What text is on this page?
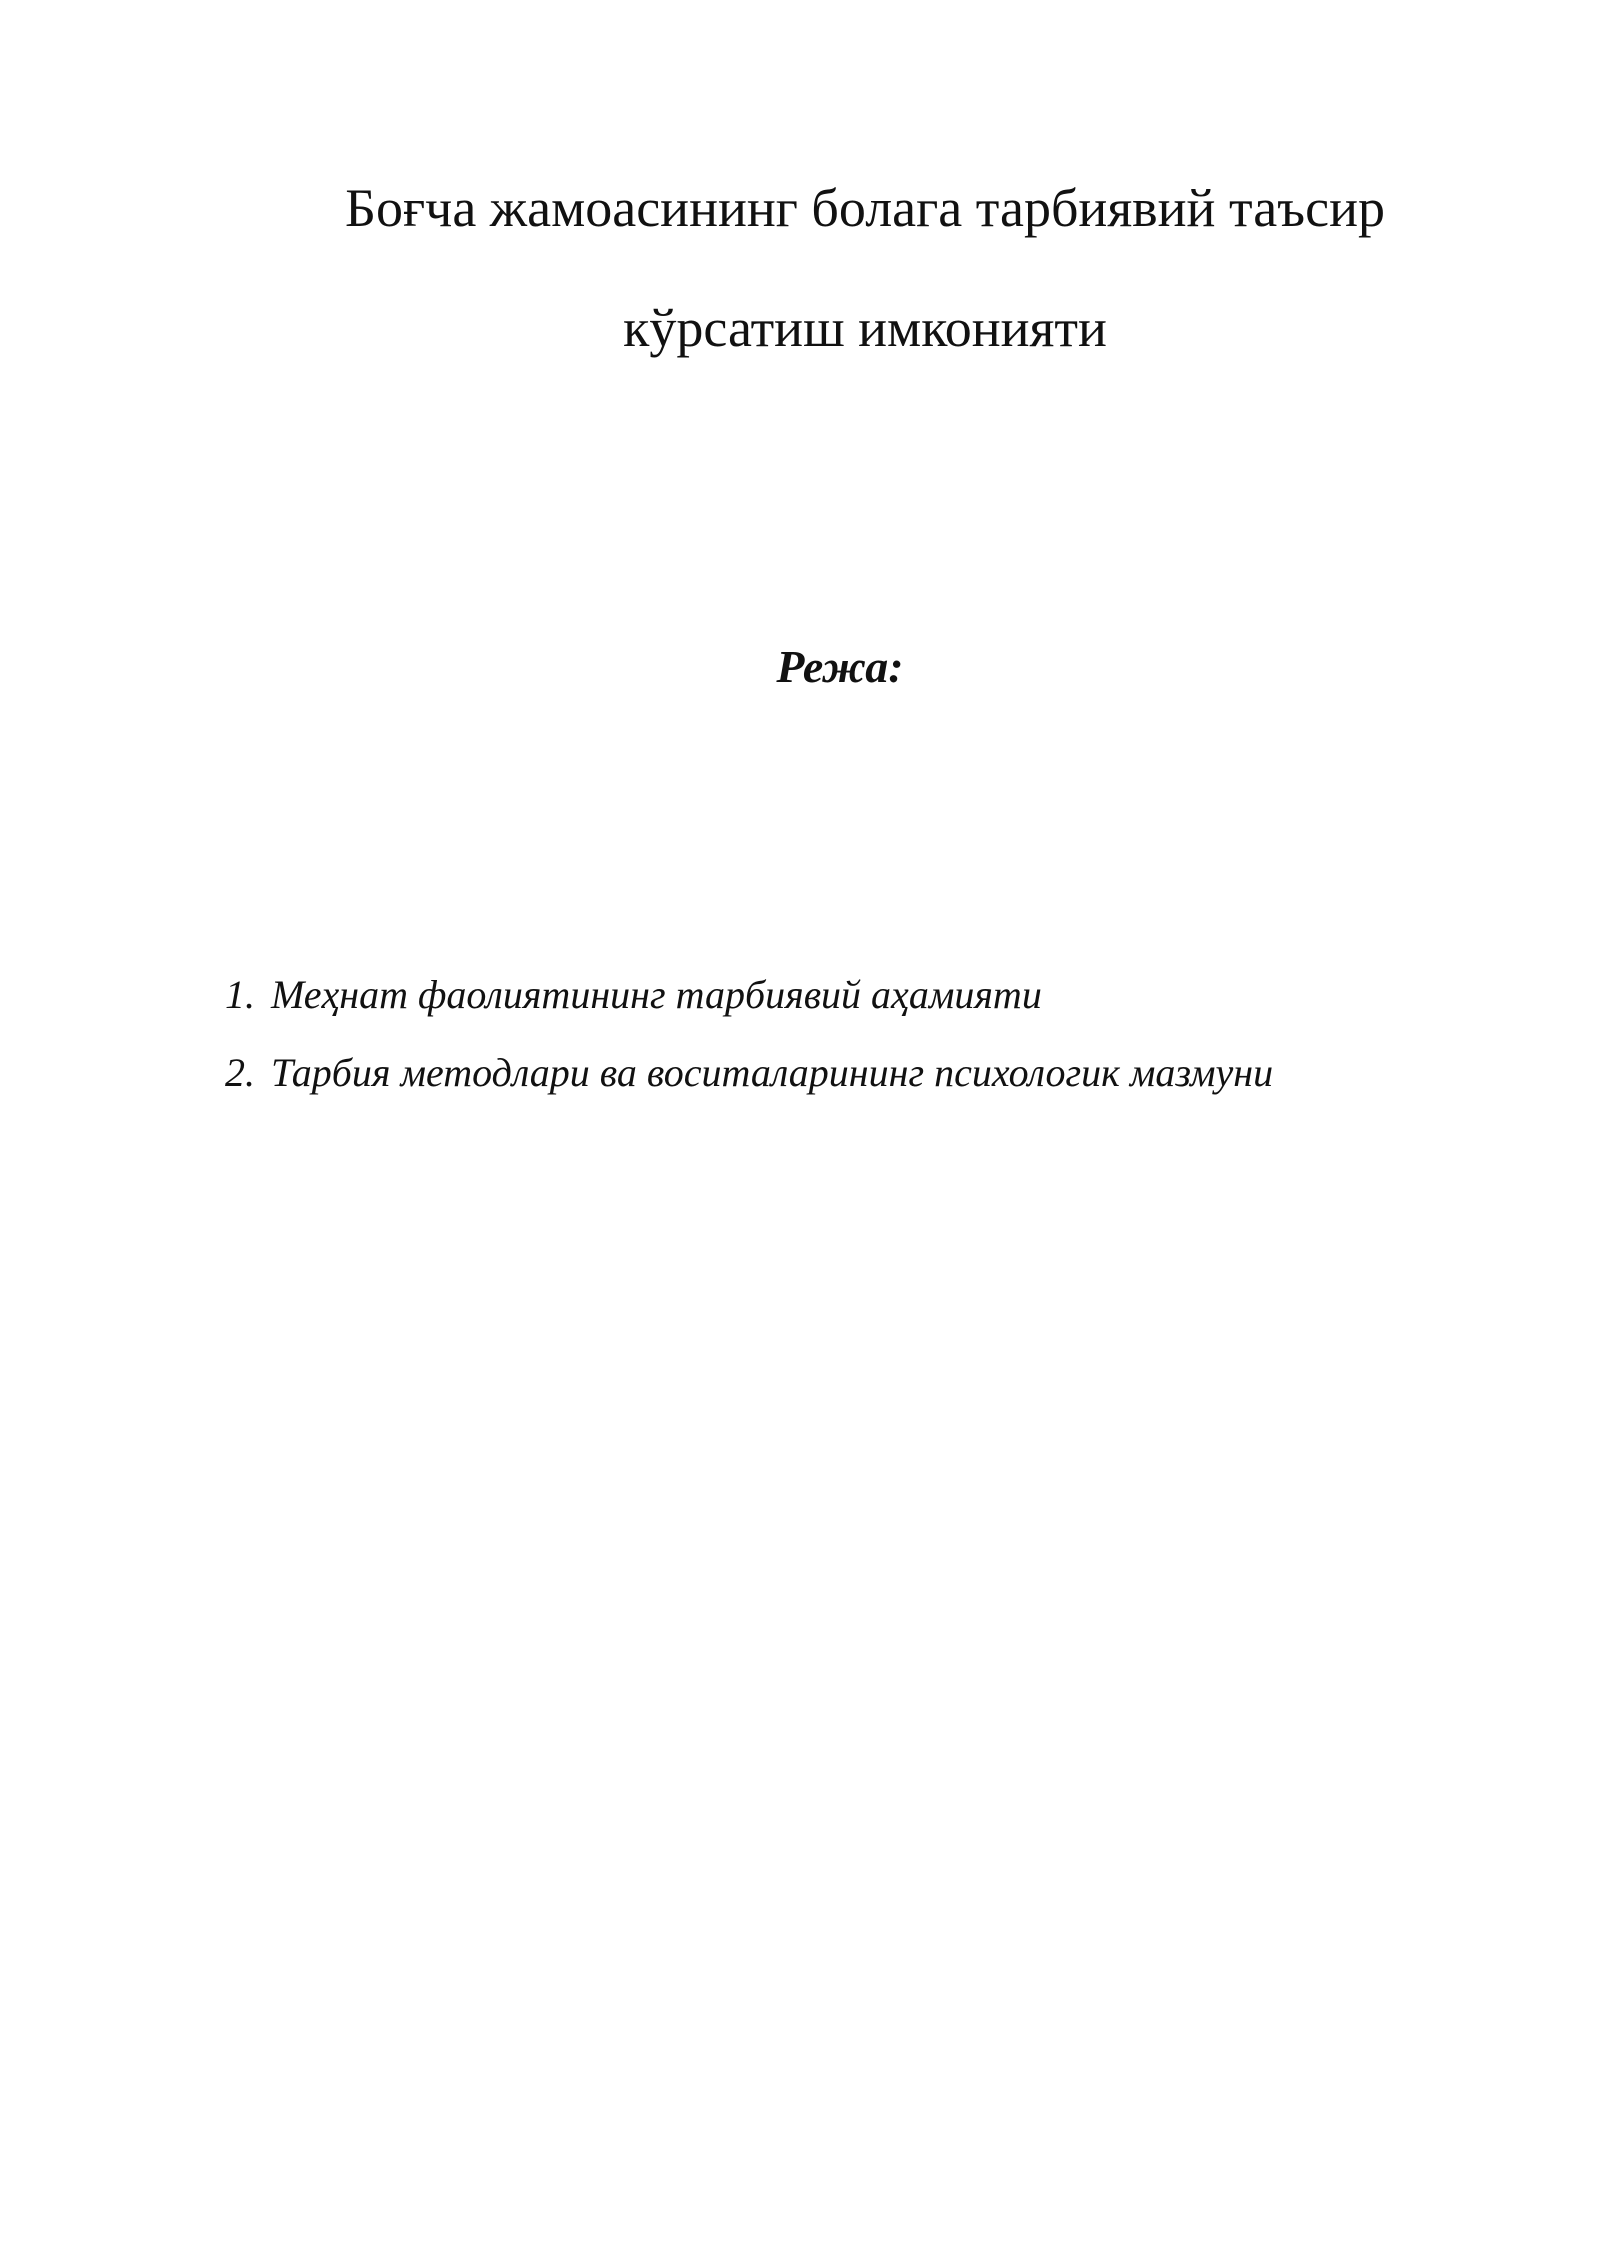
Боғча жамоасининг болага тарбиявий таъсир
кўрсатиш имконияти
Режа:
1. Меҳнат фаолиятининг тарбиявий аҳамияти
2. Тарбия методлари ва воситаларининг психологик мазмуни
